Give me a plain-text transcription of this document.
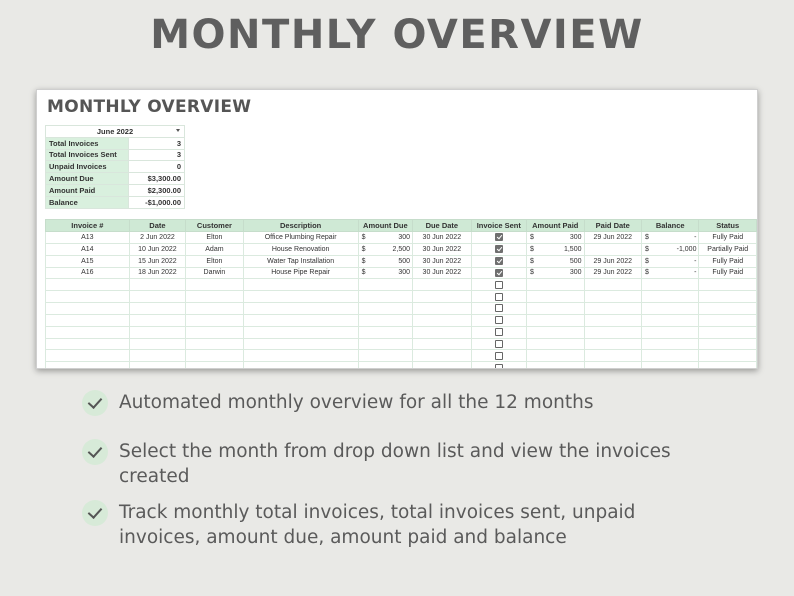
MONTHLY OVERVIEW
MONTHLY OVERVIEW
June 2022	

Total Invoices	3
Total Invoices Sent	3
Unpaid Invoices	0
Amount Due	$3,300.00
Amount Paid	$2,300.00
Balance	-$1,000.00
Invoice #	Date	Customer	Description	Amount Due	Due Date	Invoice Sent	Amount Paid	Paid Date	Balance	Status
A13	2 Jun 2022	Elton	Office Plumbing Repair	$ 300	30 Jun 2022		$ 300	29 Jun 2022	$ -	Fully Paid
A14	10 Jun 2022	Adam	House Renovation	$ 2,500	30 Jun 2022		$ 1,500		$ -1,000	Partially Paid
A15	15 Jun 2022	Elton	Water Tap Installation	$ 500	30 Jun 2022		$ 500	29 Jun 2022	$ -	Fully Paid
A16	18 Jun 2022	Darwin	House Pipe Repair	$ 300	30 Jun 2022		$ 300	29 Jun 2022	$ -	Fully Paid

Automated monthly overview for all the 12 months
Select the month from drop down list and view the invoices created
Track monthly total invoices, total invoices sent, unpaid invoices, amount due, amount paid and balance
